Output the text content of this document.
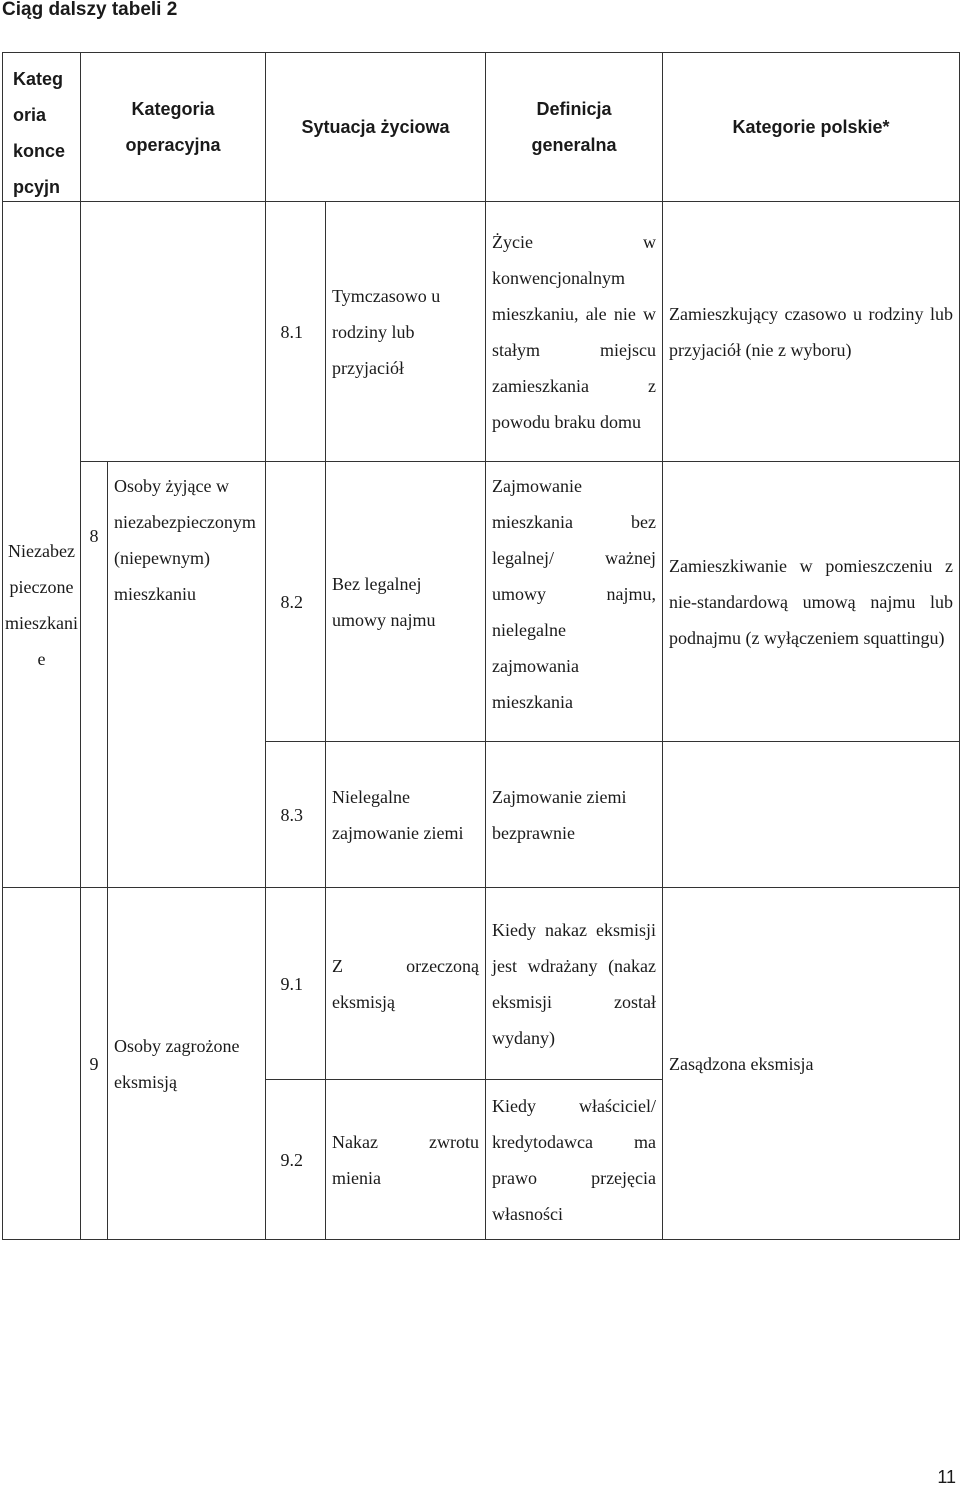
Ciąg dalszy tabeli 2
Kateg oria konce pcyjn	Kategoria operacyjna		Sytuacja życiowa		Definicja generalna	Kategorie polskie*

Niezabezpieczone mieszkanie			8.1	Tymczasowo u rodziny lub przyjaciół	Życie w konwencjonalnym mieszkaniu, ale nie w stałym miejscu zamieszkania z powodu braku domu	Zamieszkujący czasowo u rodziny lub przyjaciół (nie z wyboru)

	8	Osoby żyjące w niezabezpieczonym (niepewnym) mieszkaniu	8.2	Bez legalnej umowy najmu	Zajmowanie mieszkania bez legalnej/ ważnej umowy najmu, nielegalne zajmowania mieszkania	Zamieszkiwanie w pomieszczeniu z nie-standardową umową najmu lub podnajmu (z wyłączeniem squattingu)
			8.3	Nielegalne zajmowanie ziemi	Zajmowanie ziemi bezprawnie	
	9	Osoby zagrożone eksmisją	9.1	Z orzeczoną eksmisją	Kiedy nakaz eksmisji jest wdrażany (nakaz eksmisji został wydany)	Zasądzona eksmisja
			9.2	Nakaz zwrotu mienia	Kiedy właściciel/ kredytodawca ma prawo przejęcia własności	
11
